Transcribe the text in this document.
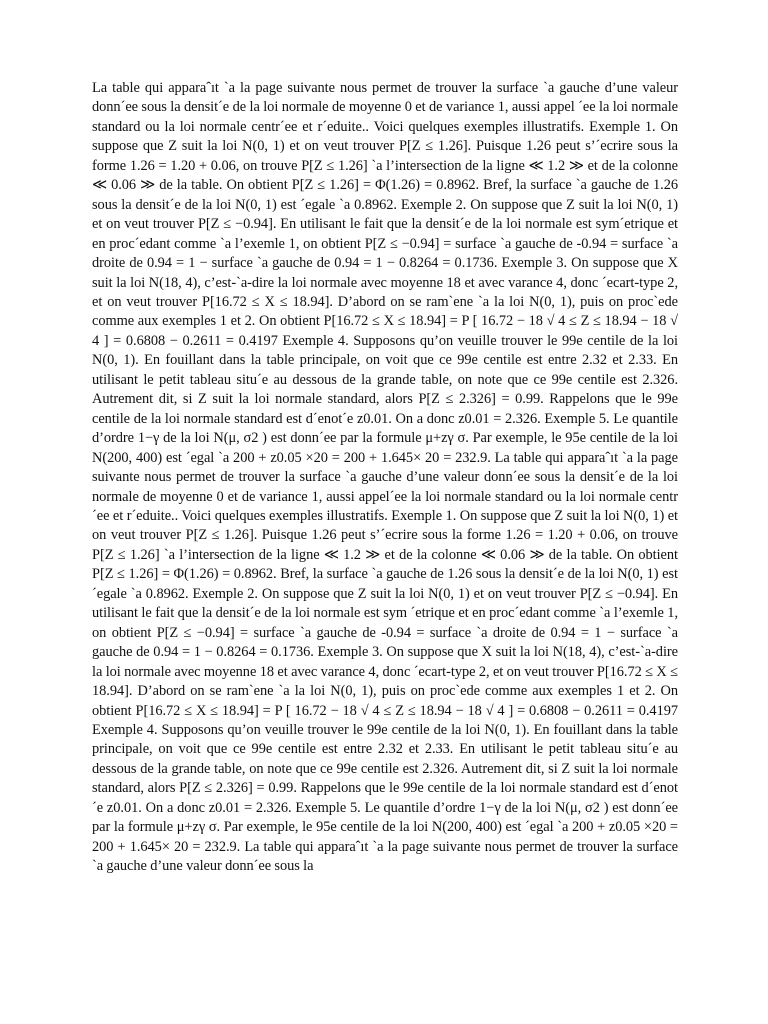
La table qui apparaˆıt `a la page suivante nous permet de trouver la surface `a gauche d’une valeur donn´ee sous la densit´e de la loi normale de moyenne 0 et de variance 1, aussi appel ´ee la loi normale standard ou la loi normale centr´ee et r´eduite.. Voici quelques exemples illustratifs. Exemple 1. On suppose que Z suit la loi N(0, 1) et on veut trouver P[Z ≤ 1.26]. Puisque 1.26 peut s’´ecrire sous la forme 1.26 = 1.20 + 0.06, on trouve P[Z ≤ 1.26] `a l’intersection de la ligne ≪ 1.2 ≫ et de la colonne ≪ 0.06 ≫ de la table. On obtient P[Z ≤ 1.26] = Φ(1.26) = 0.8962. Bref, la surface `a gauche de 1.26 sous la densit´e de la loi N(0, 1) est ´egale `a 0.8962. Exemple 2. On suppose que Z suit la loi N(0, 1) et on veut trouver P[Z ≤ −0.94]. En utilisant le fait que la densit´e de la loi normale est sym´etrique et en proc´edant comme `a l’exemle 1, on obtient P[Z ≤ −0.94] = surface `a gauche de -0.94 = surface `a droite de 0.94 = 1 − surface `a gauche de 0.94 = 1 − 0.8264 = 0.1736. Exemple 3. On suppose que X suit la loi N(18, 4), c’est-`a-dire la loi normale avec moyenne 18 et avec varance 4, donc ´ecart-type 2, et on veut trouver P[16.72 ≤ X ≤ 18.94]. D’abord on se ram`ene `a la loi N(0, 1), puis on proc`ede comme aux exemples 1 et 2. On obtient P[16.72 ≤ X ≤ 18.94] = P [ 16.72 − 18 √ 4 ≤ Z ≤ 18.94 − 18 √ 4 ] = 0.6808 − 0.2611 = 0.4197 Exemple 4. Supposons qu’on veuille trouver le 99e centile de la loi N(0, 1). En fouillant dans la table principale, on voit que ce 99e centile est entre 2.32 et 2.33. En utilisant le petit tableau situ´e au dessous de la grande table, on note que ce 99e centile est 2.326. Autrement dit, si Z suit la loi normale standard, alors P[Z ≤ 2.326] = 0.99. Rappelons que le 99e centile de la loi normale standard est d´enot´e z0.01. On a donc z0.01 = 2.326. Exemple 5. Le quantile d’ordre 1−γ de la loi N(μ, σ2 ) est donn´ee par la formule μ+zγ σ. Par exemple, le 95e centile de la loi N(200, 400) est ´egal `a 200 + z0.05 ×20 = 200 + 1.645× 20 = 232.9. La table qui apparaˆıt `a la page suivante nous permet de trouver la surface `a gauche d’une valeur donn´ee sous la densit´e de la loi normale de moyenne 0 et de variance 1, aussi appel´ee la loi normale standard ou la loi normale centr ´ee et r´eduite.. Voici quelques exemples illustratifs. Exemple 1. On suppose que Z suit la loi N(0, 1) et on veut trouver P[Z ≤ 1.26]. Puisque 1.26 peut s’´ecrire sous la forme 1.26 = 1.20 + 0.06, on trouve P[Z ≤ 1.26] `a l’intersection de la ligne ≪ 1.2 ≫ et de la colonne ≪ 0.06 ≫ de la table. On obtient P[Z ≤ 1.26] = Φ(1.26) = 0.8962. Bref, la surface `a gauche de 1.26 sous la densit´e de la loi N(0, 1) est ´egale `a 0.8962. Exemple 2. On suppose que Z suit la loi N(0, 1) et on veut trouver P[Z ≤ −0.94]. En utilisant le fait que la densit´e de la loi normale est sym ´etrique et en proc´edant comme `a l’exemle 1, on obtient P[Z ≤ −0.94] = surface `a gauche de -0.94 = surface `a droite de 0.94 = 1 − surface `a gauche de 0.94 = 1 − 0.8264 = 0.1736. Exemple 3. On suppose que X suit la loi N(18, 4), c’est-`a-dire la loi normale avec moyenne 18 et avec varance 4, donc ´ecart-type 2, et on veut trouver P[16.72 ≤ X ≤ 18.94]. D’abord on se ram`ene `a la loi N(0, 1), puis on proc`ede comme aux exemples 1 et 2. On obtient P[16.72 ≤ X ≤ 18.94] = P [ 16.72 − 18 √ 4 ≤ Z ≤ 18.94 − 18 √ 4 ] = 0.6808 − 0.2611 = 0.4197 Exemple 4. Supposons qu’on veuille trouver le 99e centile de la loi N(0, 1). En fouillant dans la table principale, on voit que ce 99e centile est entre 2.32 et 2.33. En utilisant le petit tableau situ´e au dessous de la grande table, on note que ce 99e centile est 2.326. Autrement dit, si Z suit la loi normale standard, alors P[Z ≤ 2.326] = 0.99. Rappelons que le 99e centile de la loi normale standard est d´enot´e z0.01. On a donc z0.01 = 2.326. Exemple 5. Le quantile d’ordre 1−γ de la loi N(μ, σ2 ) est donn´ee par la formule μ+zγ σ. Par exemple, le 95e centile de la loi N(200, 400) est ´egal `a 200 + z0.05 ×20 = 200 + 1.645× 20 = 232.9. La table qui apparaˆıt `a la page suivante nous permet de trouver la surface `a gauche d’une valeur donn´ee sous la
